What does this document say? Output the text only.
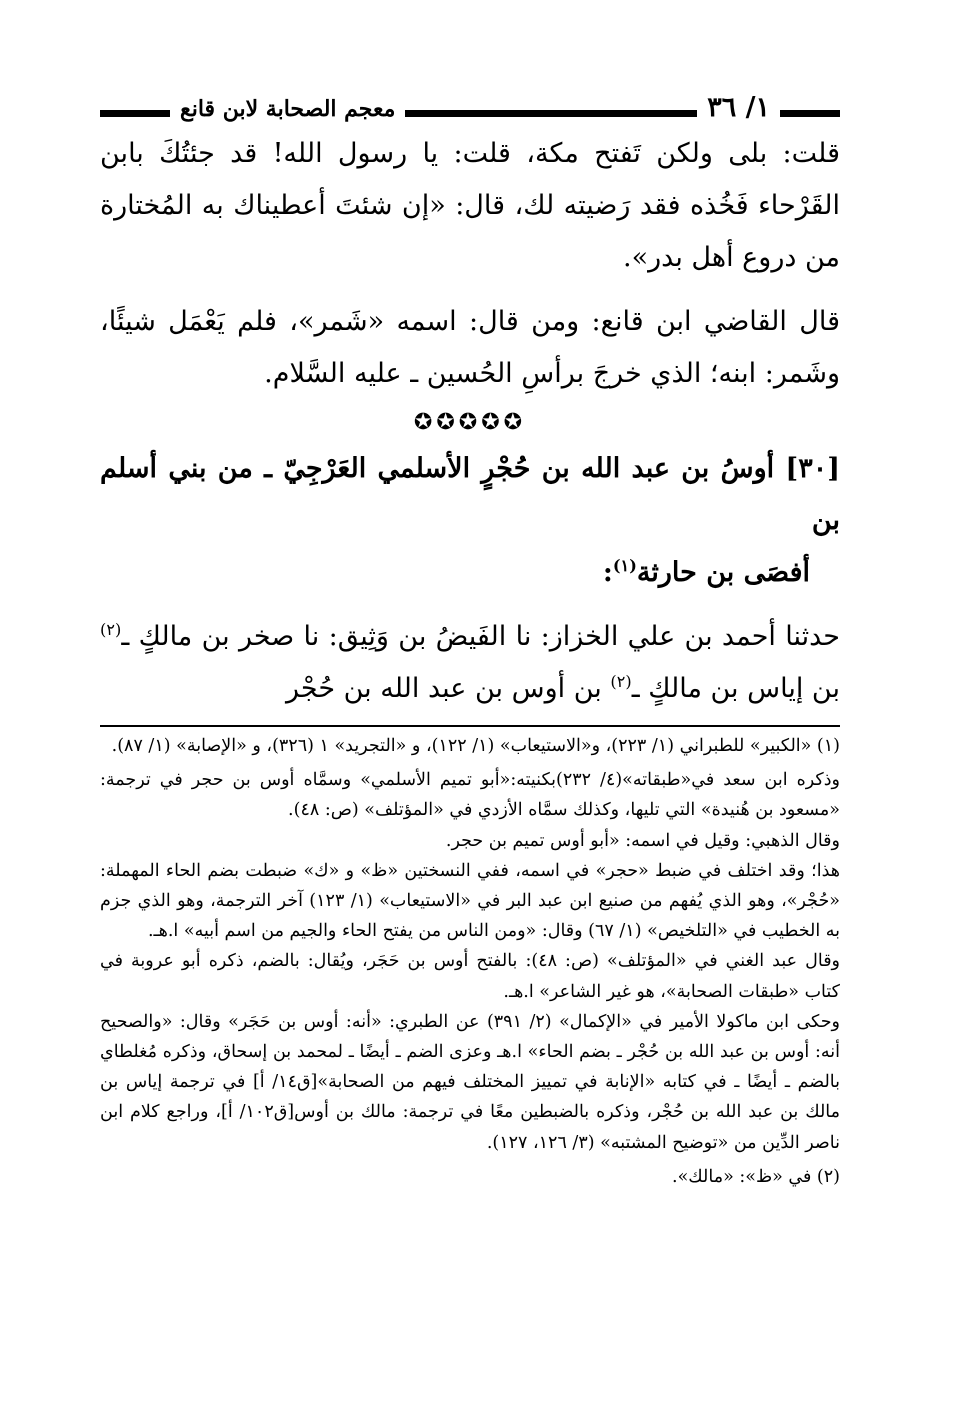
معجم الصحابة لابن قانع	١/ ٣٦

قلت: بلى ولكن تَفتح مكة، قلت: يا رسول الله! قد جئتُكَ بابن القَرْحاء فَخُذه فقد رَضيته لك، قال: «إن شئتَ أعطيناك به المُختارة من دروع أهل بدر».

قال القاضي ابن قانع: ومن قال: اسمه «شَمر»، فلم يَعْمَل شيئًا، وشَمر: ابنه؛ الذي خرجَ برأسِ الحُسين ـ عليه السَّلام.

✪✪✪✪✪

[٣٠] أوسُ بن عبد الله بن حُجْرٍ الأسلمي العَرْجِيّ ـ من بني أسلم بن
أفصَى بن حارثة$^{(١)}$:

حدثنا أحمد بن علي الخزاز: نا الفَيضُ بن وَثِيق: نا صخر بن مالكٍ ـ$^{(٢)}$ بن إياس بن مالكٍ ـ$^{(٢)}$ بن أوس بن عبد الله بن حُجْر

(١) «الكبير» للطبراني (١/ ٢٢٣)، و«الاستيعاب» (١/ ١٢٢)، و «التجريد» ١ (٣٢٦)، و «الإصابة» (١/ ٨٧).

وذكره ابن سعد في«طبقاته»(٤/ ٢٣٢)بكنيته:«أبو تميم الأسلمي» وسمَّاه أوس بن حجر في ترجمة: «مسعود بن هُنيدة» التي تليها، وكذلك سمَّاه الأزدي في «المؤتلف» (ص: ٤٨).

وقال الذهبي: وقيل في اسمه: «أبو أوس تميم بن حجر.

هذا؛ وقد اختلف في ضبط «حجر» في اسمه، ففي النسختين «ظ» و «ك» ضبطت بضم الحاء المهملة: «حُجْر»، وهو الذي يُفهم من صنيع ابن عبد البر في «الاستيعاب» (١/ ١٢٣) آخر الترجمة، وهو الذي جزم به الخطيب في «التلخيص» (١/ ٦٧) وقال: «ومن الناس من يفتح الحاء والجيم من اسم أبيه» ا.هـ.

وقال عبد الغني في «المؤتلف» (ص: ٤٨): بالفتح أوس بن حَجَر، ويُقال: بالضم، ذكره أبو عروبة في كتاب «طبقات الصحابة»، هو غير الشاعر» ا.هـ.

وحكى ابن ماكولا الأمير في «الإكمال» (٢/ ٣٩١) عن الطبري: «أنه: أوس بن حَجَر» وقال: «والصحيح أنه: أوس بن عبد الله بن حُجْر ـ بضم الحاء» ا.هـ وعزى الضم ـ أيضًا ـ لمحمد بن إسحاق، وذكره مُغلطاي بالضم ـ أيضًا ـ في كتابه «الإنابة في تمييز المختلف فيهم من الصحابة»[ق١٤/ أ] في ترجمة إياس بن مالك بن عبد الله بن حُجْر، وذكره بالضبطين معًا في ترجمة: مالك بن أوس[ق١٠٢/ أ]، وراجع كلام ابن ناصر الدِّين من «توضيح المشتبه» (٣/ ١٢٦، ١٢٧).

(٢) في «ظ»: «مالك».
